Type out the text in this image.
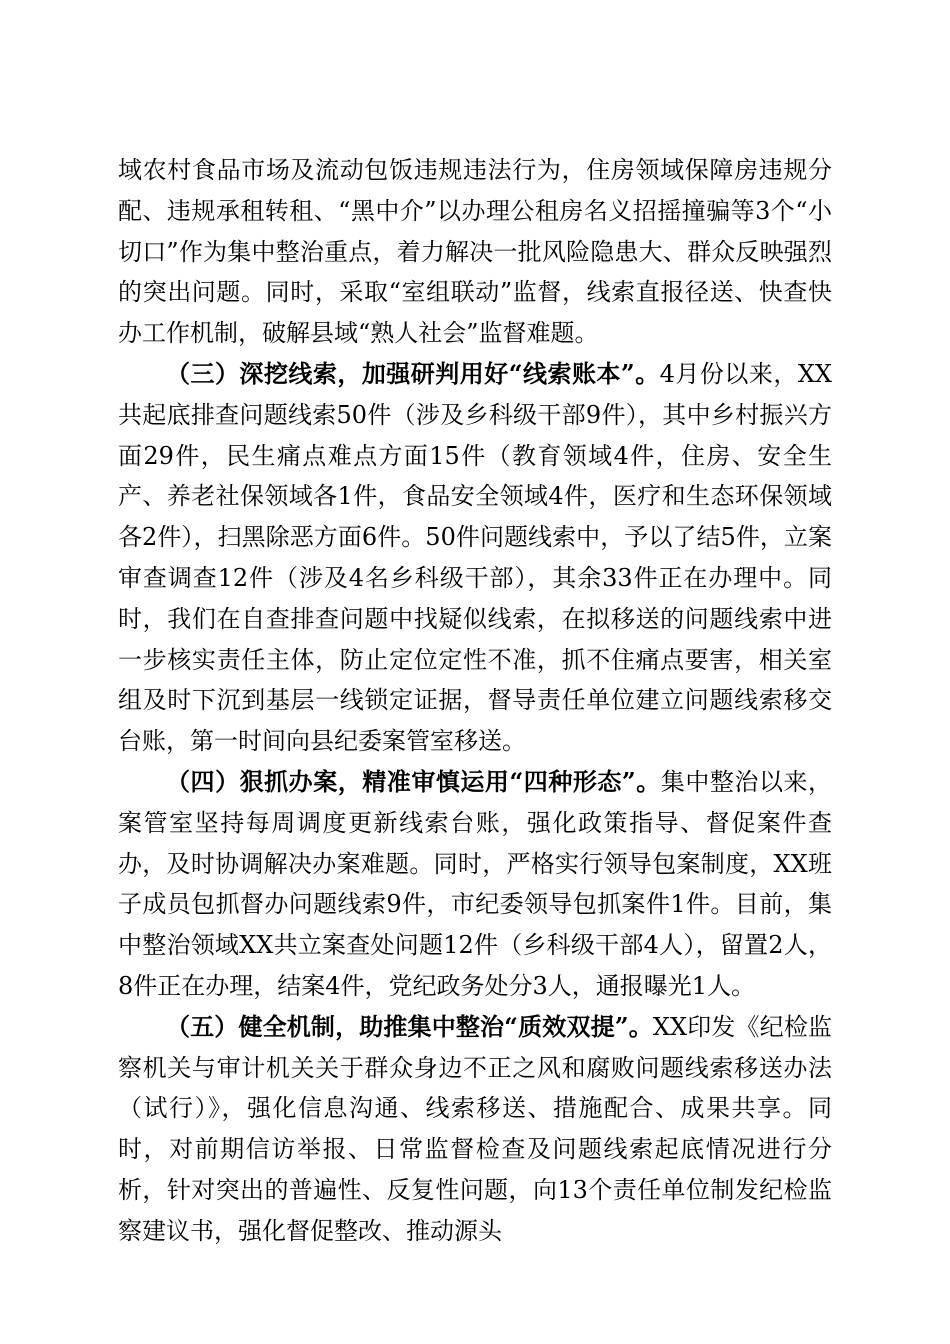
域农村食品市场及流动包饭违规违法行为，住房领域保障房违规分配、违规承租转租、“黑中介”以办理公租房名义招摇撞骗等3个“小切口”作为集中整治重点，着力解决一批风险隐患大、群众反映强烈的突出问题。同时，采取“室组联动”监督，线索直报径送、快查快办工作机制，破解县域“熟人社会”监督难题。

（三）深挖线索，加强研判用好“线索账本”。4月份以来，XX共起底排查问题线索50件（涉及乡科级干部9件），其中乡村振兴方面29件，民生痛点难点方面15件（教育领域4件，住房、安全生产、养老社保领域各1件，食品安全领域4件，医疗和生态环保领域各2件），扫黑除恶方面6件。50件问题线索中，予以了结5件，立案审查调查12件（涉及4名乡科级干部），其余33件正在办理中。同时，我们在自查排查问题中找疑似线索，在拟移送的问题线索中进一步核实责任主体，防止定位定性不准，抓不住痛点要害，相关室组及时下沉到基层一线锁定证据，督导责任单位建立问题线索移交台账，第一时间向县纪委案管室移送。

（四）狠抓办案，精准审慎运用“四种形态”。集中整治以来，案管室坚持每周调度更新线索台账，强化政策指导、督促案件查办，及时协调解决办案难题。同时，严格实行领导包案制度，XX班子成员包抓督办问题线索9件，市纪委领导包抓案件1件。目前，集中整治领域XX共立案查处问题12件（乡科级干部4人），留置2人，8件正在办理，结案4件，党纪政务处分3人，通报曝光1人。

（五）健全机制，助推集中整治“质效双提”。XX印发《纪检监察机关与审计机关关于群众身边不正之风和腐败问题线索移送办法（试行）》，强化信息沟通、线索移送、措施配合、成果共享。同时，对前期信访举报、日常监督检查及问题线索起底情况进行分析，针对突出的普遍性、反复性问题，向13个责任单位制发纪检监察建议书，强化督促整改、推动源头
